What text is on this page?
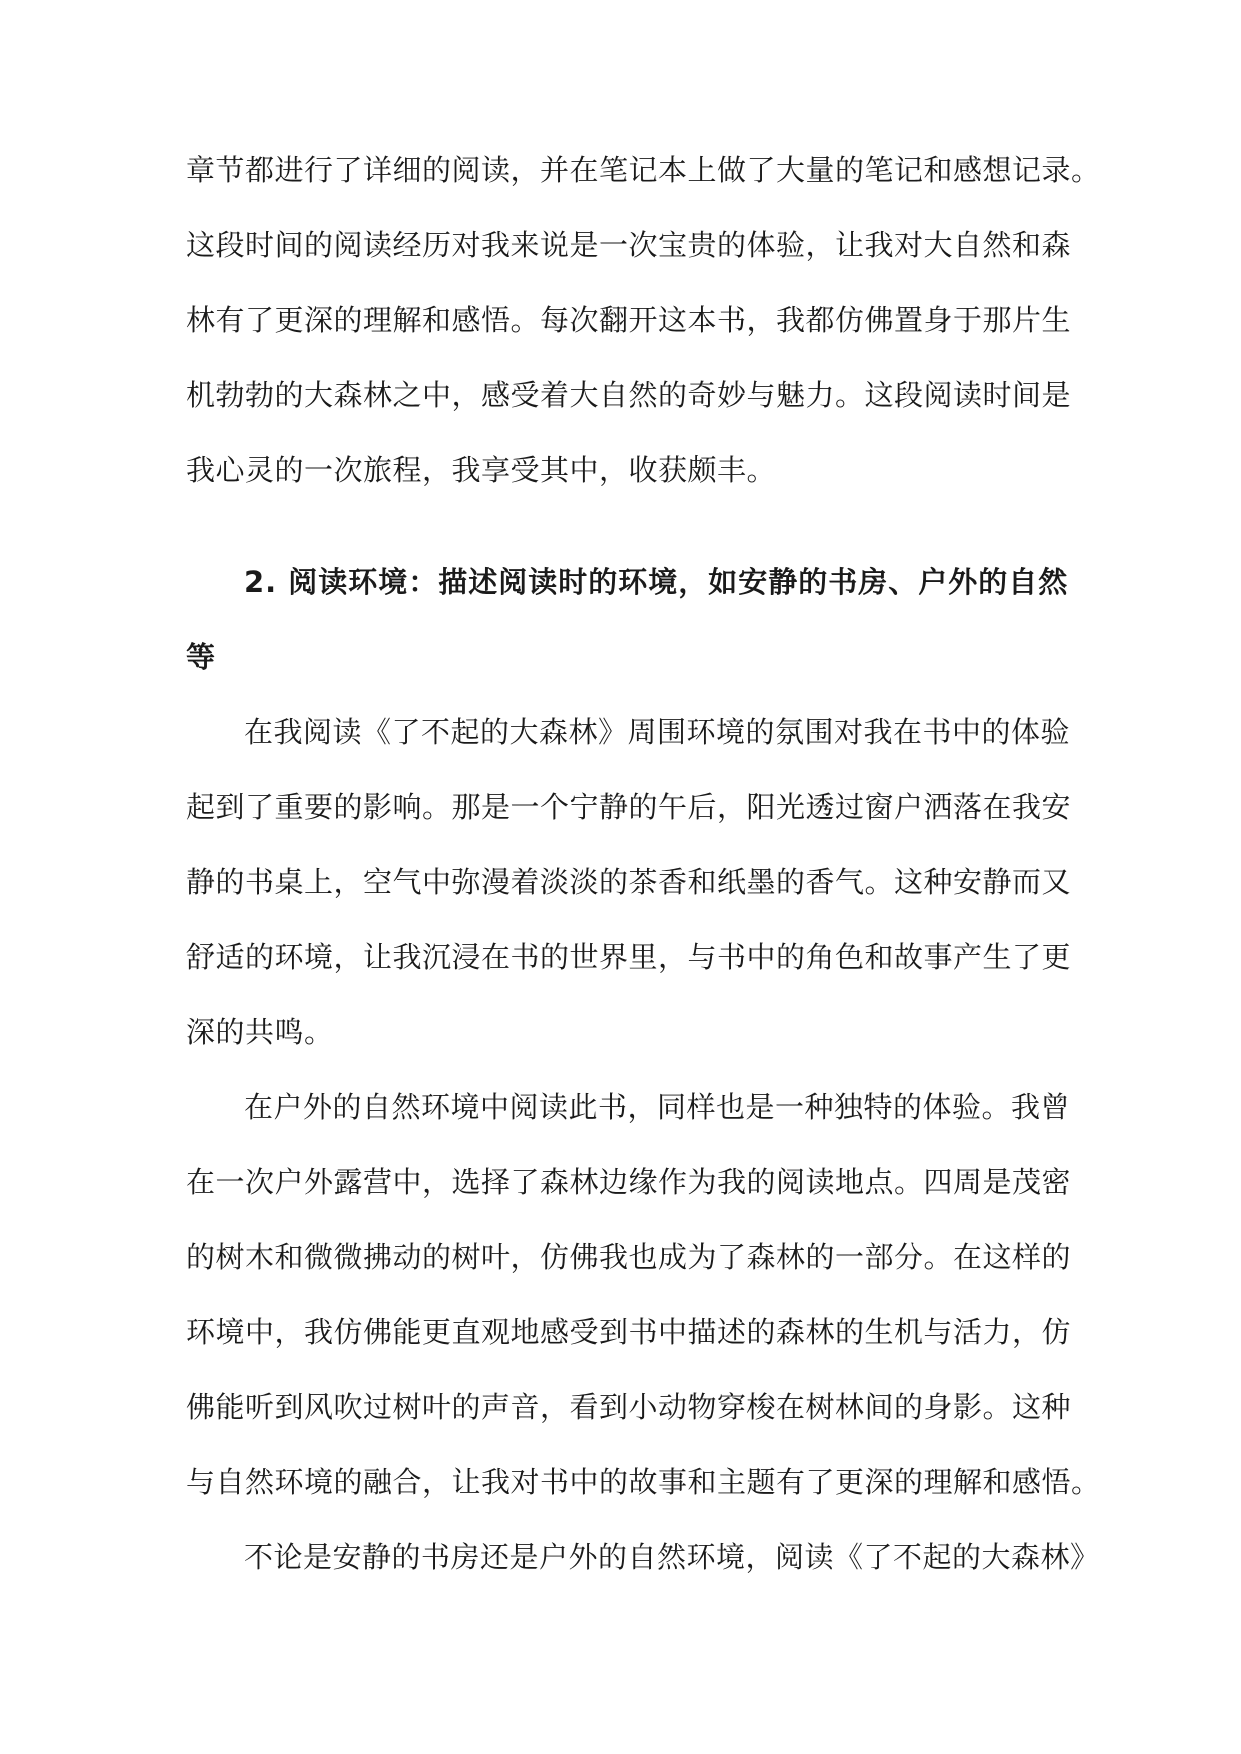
章节都进行了详细的阅读，并在笔记本上做了大量的笔记和感想记录。
这段时间的阅读经历对我来说是一次宝贵的体验，让我对大自然和森
林有了更深的理解和感悟。每次翻开这本书，我都仿佛置身于那片生
机勃勃的大森林之中，感受着大自然的奇妙与魅力。这段阅读时间是
我心灵的一次旅程，我享受其中，收获颇丰。
2. 阅读环境：描述阅读时的环境，如安静的书房、户外的自然
等
在我阅读《了不起的大森林》周围环境的氛围对我在书中的体验
起到了重要的影响。那是一个宁静的午后，阳光透过窗户洒落在我安
静的书桌上，空气中弥漫着淡淡的茶香和纸墨的香气。这种安静而又
舒适的环境，让我沉浸在书的世界里，与书中的角色和故事产生了更
深的共鸣。
在户外的自然环境中阅读此书，同样也是一种独特的体验。我曾
在一次户外露营中，选择了森林边缘作为我的阅读地点。四周是茂密
的树木和微微拂动的树叶，仿佛我也成为了森林的一部分。在这样的
环境中，我仿佛能更直观地感受到书中描述的森林的生机与活力，仿
佛能听到风吹过树叶的声音，看到小动物穿梭在树林间的身影。这种
与自然环境的融合，让我对书中的故事和主题有了更深的理解和感悟。
不论是安静的书房还是户外的自然环境，阅读《了不起的大森林》
